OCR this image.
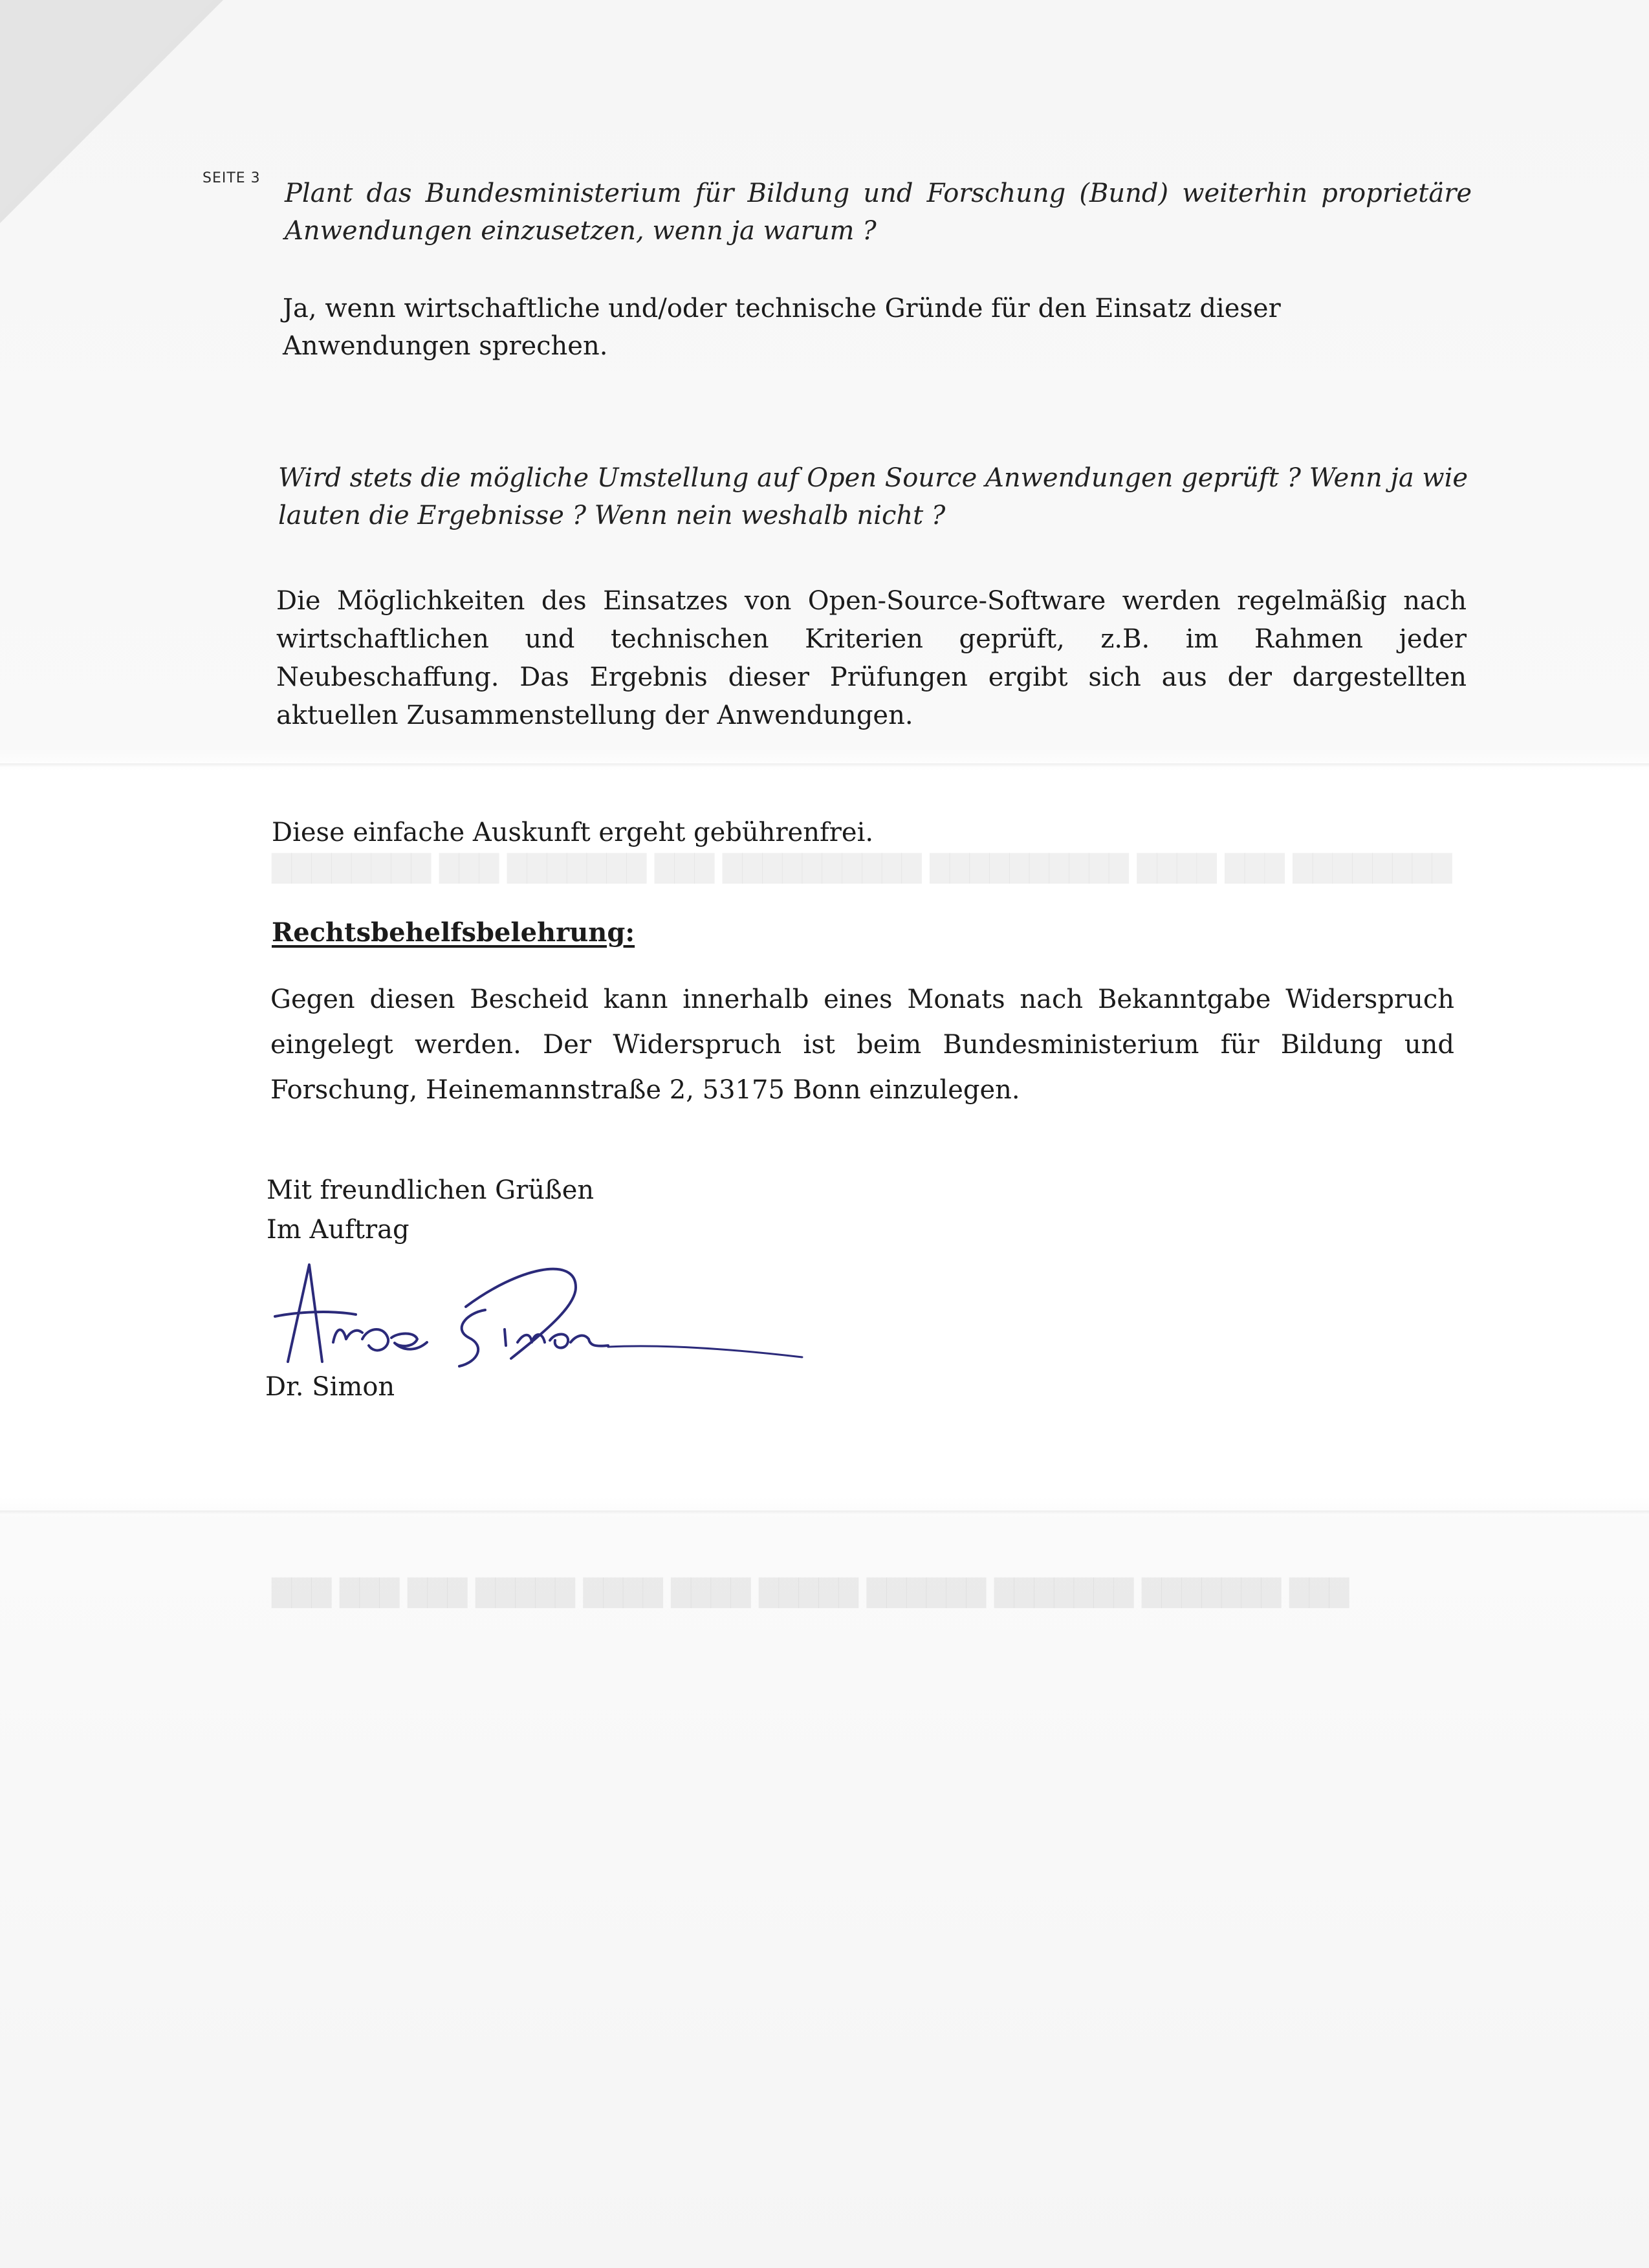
████████ ███ ████ ██████████ ██████████ ███ ███████ ███ ████████
███ ███████ ███████ ██████ █████ ████ ████ █████ ███ ███ ███
SEITE 3

Plant das Bundesministerium für Bildung und Forschung (Bund) weiterhin proprietäre Anwendungen einzusetzen, wenn ja warum ?

Ja, wenn wirtschaftliche und/oder technische Gründe für den Einsatz dieser Anwendungen sprechen.

Wird stets die mögliche Umstellung auf Open Source Anwendungen geprüft ? Wenn ja wie lauten die Ergebnisse ? Wenn nein weshalb nicht ?

Die Möglichkeiten des Einsatzes von Open-Source-Software werden regelmäßig nach wirtschaftlichen und technischen Kriterien geprüft, z.B. im Rahmen jeder Neubeschaffung. Das Ergebnis dieser Prüfungen ergibt sich aus der dargestellten aktuellen Zusammenstellung der Anwendungen.

Diese einfache Auskunft ergeht gebührenfrei.

Rechtsbehelfsbelehrung:

Gegen diesen Bescheid kann innerhalb eines Monats nach Bekanntgabe Widerspruch eingelegt werden. Der Widerspruch ist beim Bundesministerium für Bildung und Forschung, Heinemannstraße 2, 53175 Bonn einzulegen.

Mit freundlichen Grüßen

Im Auftrag

Dr. Simon
